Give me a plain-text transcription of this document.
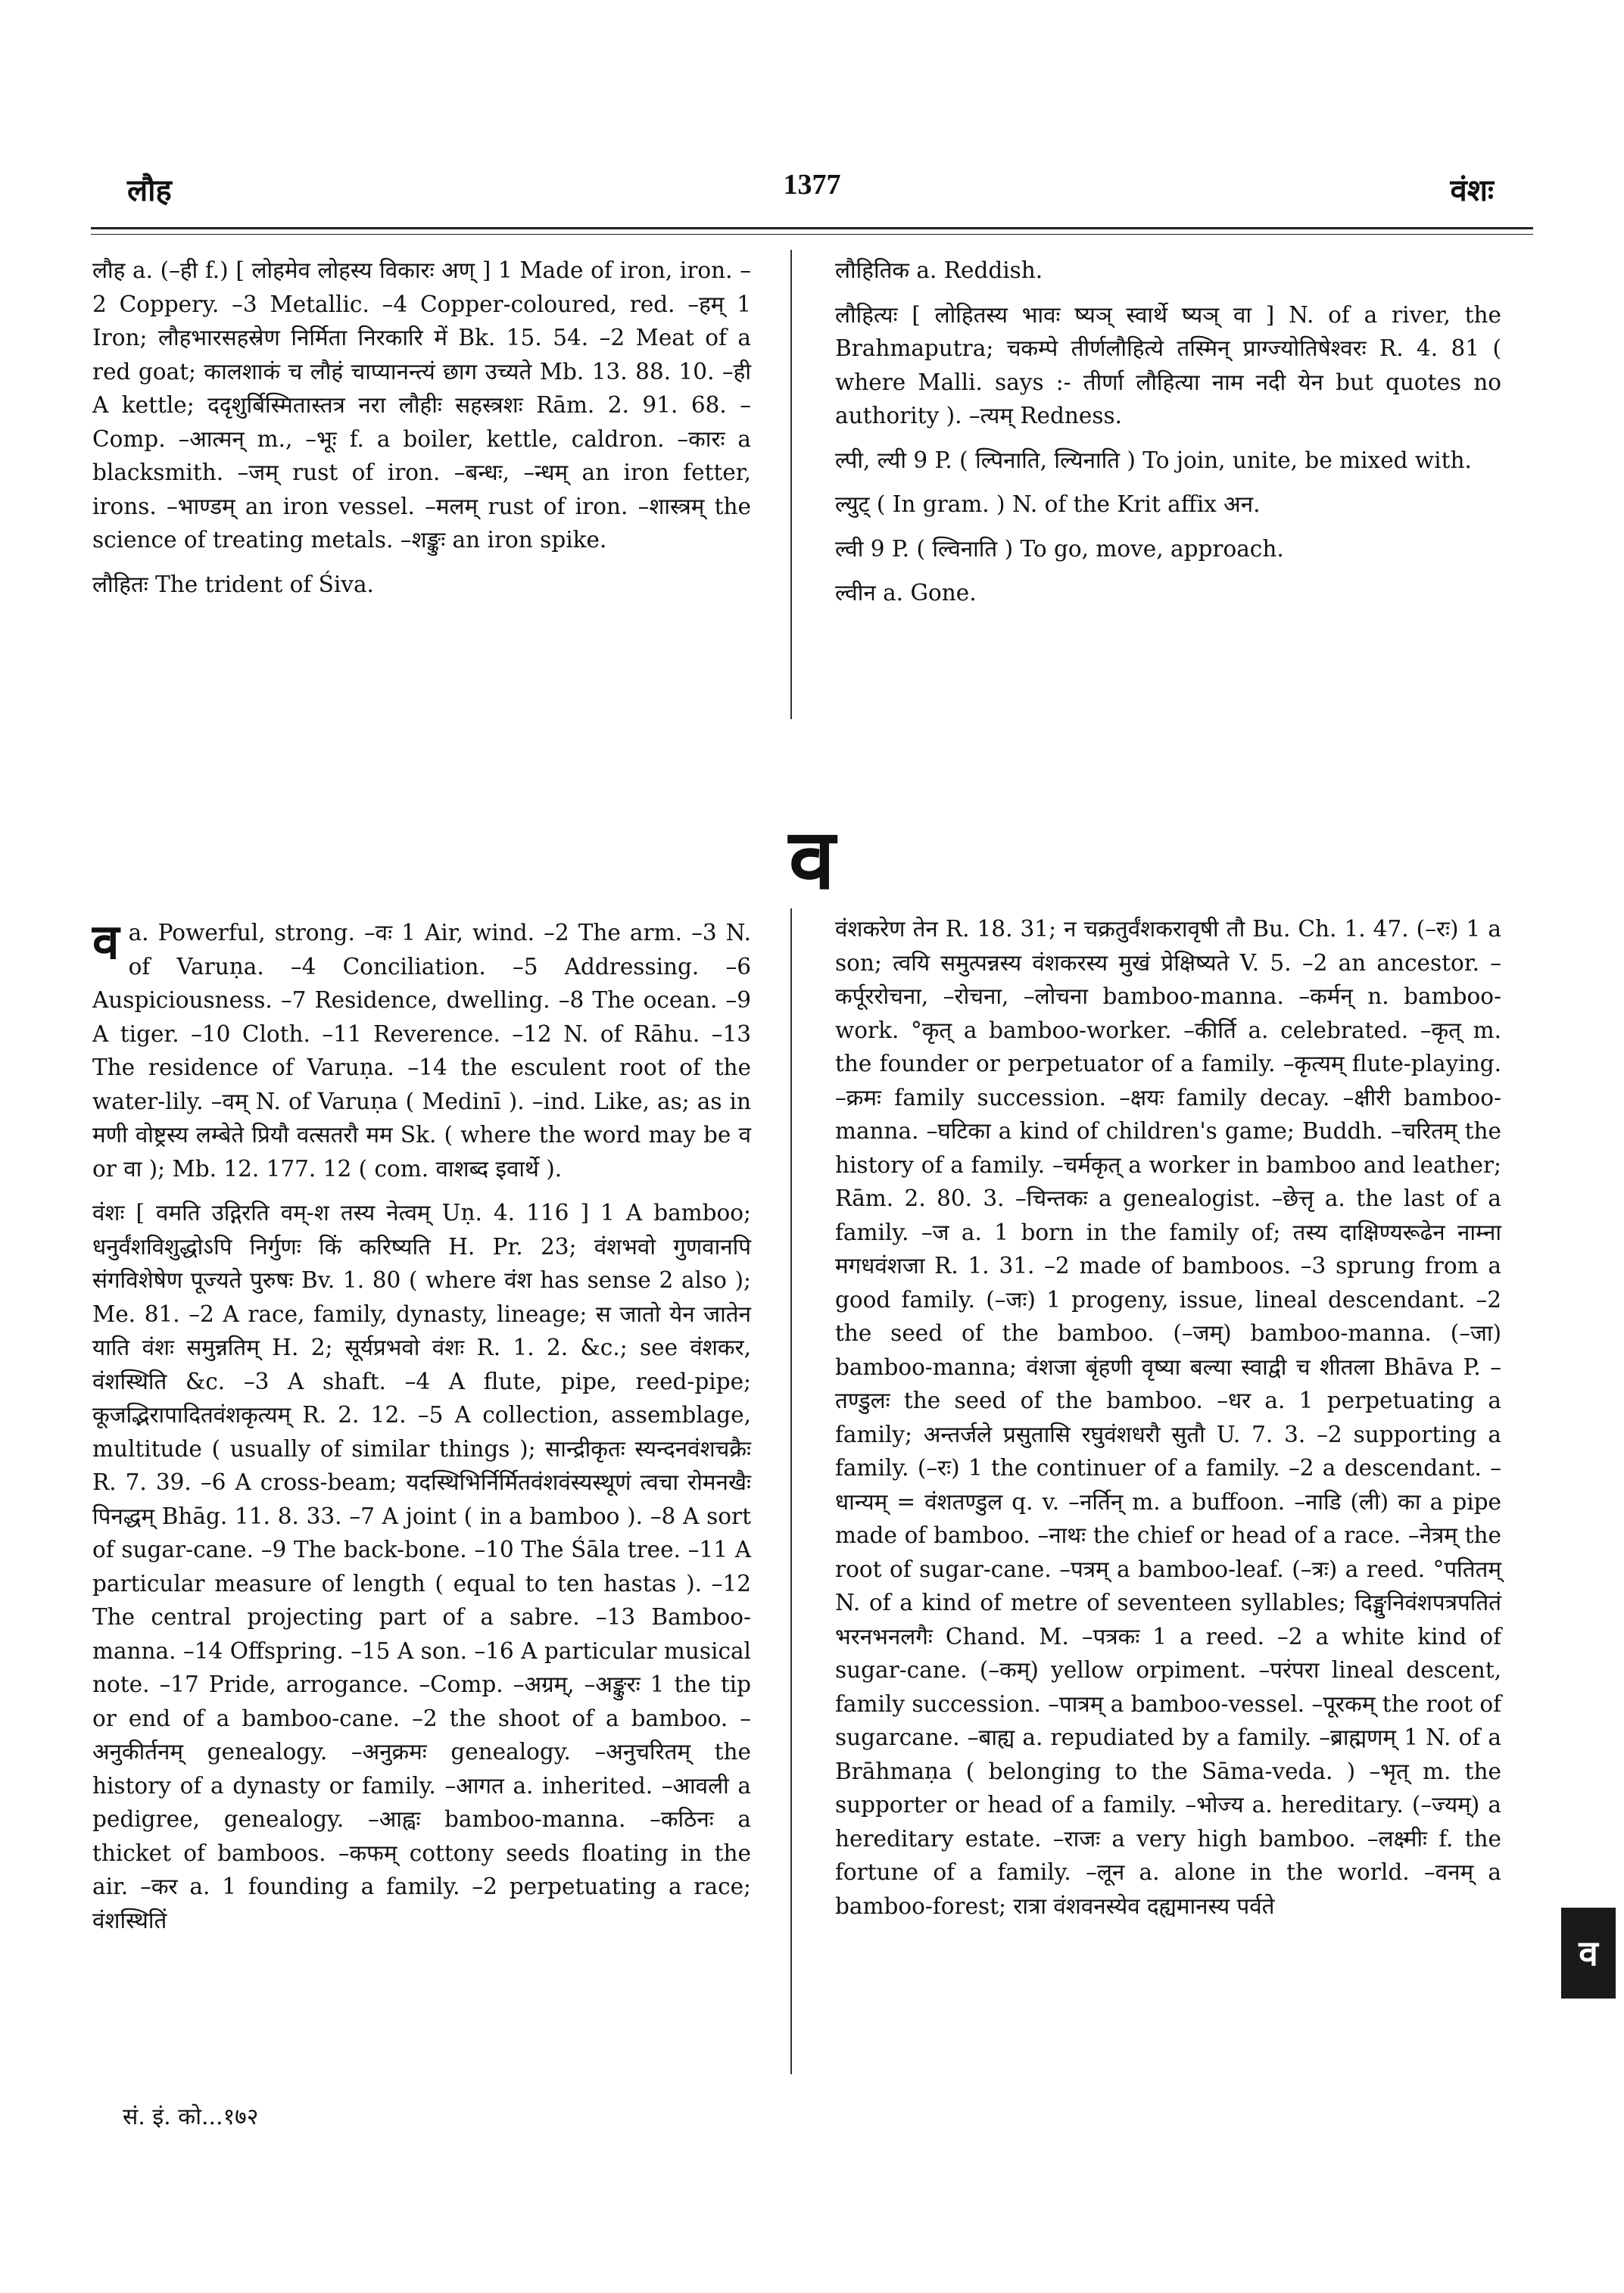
लौह	1377	वंशः

लौह a. (–ही f.) [ लोहमेव लोहस्य विकारः अण् ] 1 Made of iron, iron. –2 Coppery. –3 Metallic. –4 Copper-coloured, red. –हम् 1 Iron; लौहभारसहस्रेण निर्मिता निरकारि में Bk. 15. 54. –2 Meat of a red goat; कालशाकं च लौहं चाप्यानन्त्यं छाग उच्यते Mb. 13. 88. 10. –ही A kettle; ददृशुर्बिस्मितास्तत्र नरा लौहीः सहस्त्रशः Rām. 2. 91. 68. –Comp. –आत्मन् m., –भूः f. a boiler, kettle, caldron. –कारः a blacksmith. –जम् rust of iron. –बन्धः, –न्धम् an iron fetter, irons. –भाण्डम् an iron vessel. –मलम् rust of iron. –शास्त्रम् the science of treating metals. –शङ्कुः an iron spike.

लौहितः The trident of Śiva.

लौहितिक a. Reddish.

लौहित्यः [ लोहितस्य भावः ष्यञ् स्वार्थे ष्यञ् वा ] N. of a river, the Brahmaputra; चकम्पे तीर्णलौहित्ये तस्मिन् प्राग्ज्योतिषेश्वरः R. 4. 81 ( where Malli. says :- तीर्णा लौहित्या नाम नदी येन but quotes no authority ). –त्यम् Redness.

ल्पी, ल्यी 9 P. ( ल्पिनाति, ल्यिनाति ) To join, unite, be mixed with.

ल्युट् ( In gram. ) N. of the Krit affix अन.

ल्वी 9 P. ( ल्विनाति ) To go, move, approach.

ल्वीन a. Gone.

व

व a. Powerful, strong. –वः 1 Air, wind. –2 The arm. –3 N. of Varuṇa. –4 Conciliation. –5 Addressing. –6 Auspiciousness. –7 Residence, dwelling. –8 The ocean. –9 A tiger. –10 Cloth. –11 Reverence. –12 N. of Rāhu. –13 The residence of Varuṇa. –14 the esculent root of the water-lily. –वम् N. of Varuṇa ( Medinī ). –ind. Like, as; as in मणी वोष्ट्रस्य लम्बेते प्रियौ वत्सतरौ मम Sk. ( where the word may be व or वा ); Mb. 12. 177. 12 ( com. वाशब्द इवार्थे ).

वंशः [ वमति उद्गिरति वम्-श तस्य नेत्वम् Uṇ. 4. 116 ] 1 A bamboo; धनुर्वंशविशुद्धोऽपि निर्गुणः किं करिष्यति H. Pr. 23; वंशभवो गुणवानपि संगविशेषेण पूज्यते पुरुषः Bv. 1. 80 ( where वंश has sense 2 also ); Me. 81. –2 A race, family, dynasty, lineage; स जातो येन जातेन याति वंशः समुन्नतिम् H. 2; सूर्यप्रभवो वंशः R. 1. 2. &c.; see वंशकर, वंशस्थिति &c. –3 A shaft. –4 A flute, pipe, reed-pipe; कूजद्भिरापादितवंशकृत्यम् R. 2. 12. –5 A collection, assemblage, multitude ( usually of similar things ); सान्द्रीकृतः स्यन्दनवंशचक्रैः R. 7. 39. –6 A cross-beam; यदस्थिभिर्निर्मितवंशवंस्यस्थूणं त्वचा रोमनखैः पिनद्धम् Bhāg. 11. 8. 33. –7 A joint ( in a bamboo ). –8 A sort of sugar-cane. –9 The back-bone. –10 The Śāla tree. –11 A particular measure of length ( equal to ten hastas ). –12 The central projecting part of a sabre. –13 Bamboo-manna. –14 Offspring. –15 A son. –16 A particular musical note. –17 Pride, arrogance. –Comp. –अग्रम्, –अङ्कुरः 1 the tip or end of a bamboo-cane. –2 the shoot of a bamboo. –अनुकीर्तनम् genealogy. –अनुक्रमः genealogy. –अनुचरितम् the history of a dynasty or family. –आगत a. inherited. –आवली a pedigree, genealogy. –आह्वः bamboo-manna. –कठिनः a thicket of bamboos. –कफम् cottony seeds floating in the air. –कर a. 1 founding a family. –2 perpetuating a race; वंशस्थितिं

वंशकरेण तेन R. 18. 31; न चक्रतुर्वंशकरावृषी तौ Bu. Ch. 1. 47. (–रः) 1 a son; त्वयि समुत्पन्नस्य वंशकरस्य मुखं प्रेक्षिष्यते V. 5. –2 an ancestor. –कर्पूररोचना, –रोचना, –लोचना bamboo-manna. –कर्मन् n. bamboo-work. °कृत् a bamboo-worker. –कीर्ति a. celebrated. –कृत् m. the founder or perpetuator of a family. –कृत्यम् flute-playing. –क्रमः family succession. –क्षयः family decay. –क्षीरी bamboo-manna. –घटिका a kind of children's game; Buddh. –चरितम् the history of a family. –चर्मकृत् a worker in bamboo and leather; Rām. 2. 80. 3. –चिन्तकः a genealogist. –छेत्तृ a. the last of a family. –ज a. 1 born in the family of; तस्य दाक्षिण्यरूढेन नाम्ना मगधवंशजा R. 1. 31. –2 made of bamboos. –3 sprung from a good family. (–जः) 1 progeny, issue, lineal descendant. –2 the seed of the bamboo. (–जम्) bamboo-manna. (–जा) bamboo-manna; वंशजा बृंहणी वृष्या बल्या स्वाद्वी च शीतला Bhāva P. –तण्डुलः the seed of the bamboo. –धर a. 1 perpetuating a family; अन्तर्जले प्रसुतासि रघुवंशधरौ सुतौ U. 7. 3. –2 supporting a family. (–रः) 1 the continuer of a family. –2 a descendant. –धान्यम् = वंशतण्डुल q. v. –नर्तिन् m. a buffoon. –नाडि (ली) का a pipe made of bamboo. –नाथः the chief or head of a race. –नेत्रम् the root of sugar-cane. –पत्रम् a bamboo-leaf. (–त्रः) a reed. °पतितम् N. of a kind of metre of seventeen syllables; दिङ्मुनिवंशपत्रपतितं भरनभनलगैः Chand. M. –पत्रकः 1 a reed. –2 a white kind of sugar-cane. (–कम्) yellow orpiment. –परंपरा lineal descent, family succession. –पात्रम् a bamboo-vessel. –पूरकम् the root of sugarcane. –बाह्य a. repudiated by a family. –ब्राह्मणम् 1 N. of a Brāhmaṇa ( belonging to the Sāma-veda. ) –भृत् m. the supporter or head of a family. –भोज्य a. hereditary. (–ज्यम्) a hereditary estate. –राजः a very high bamboo. –लक्ष्मीः f. the fortune of a family. –लून a. alone in the world. –वनम् a bamboo-forest; रात्रा वंशवनस्येव दह्यमानस्य पर्वते

सं. इं. को...१७२
व
